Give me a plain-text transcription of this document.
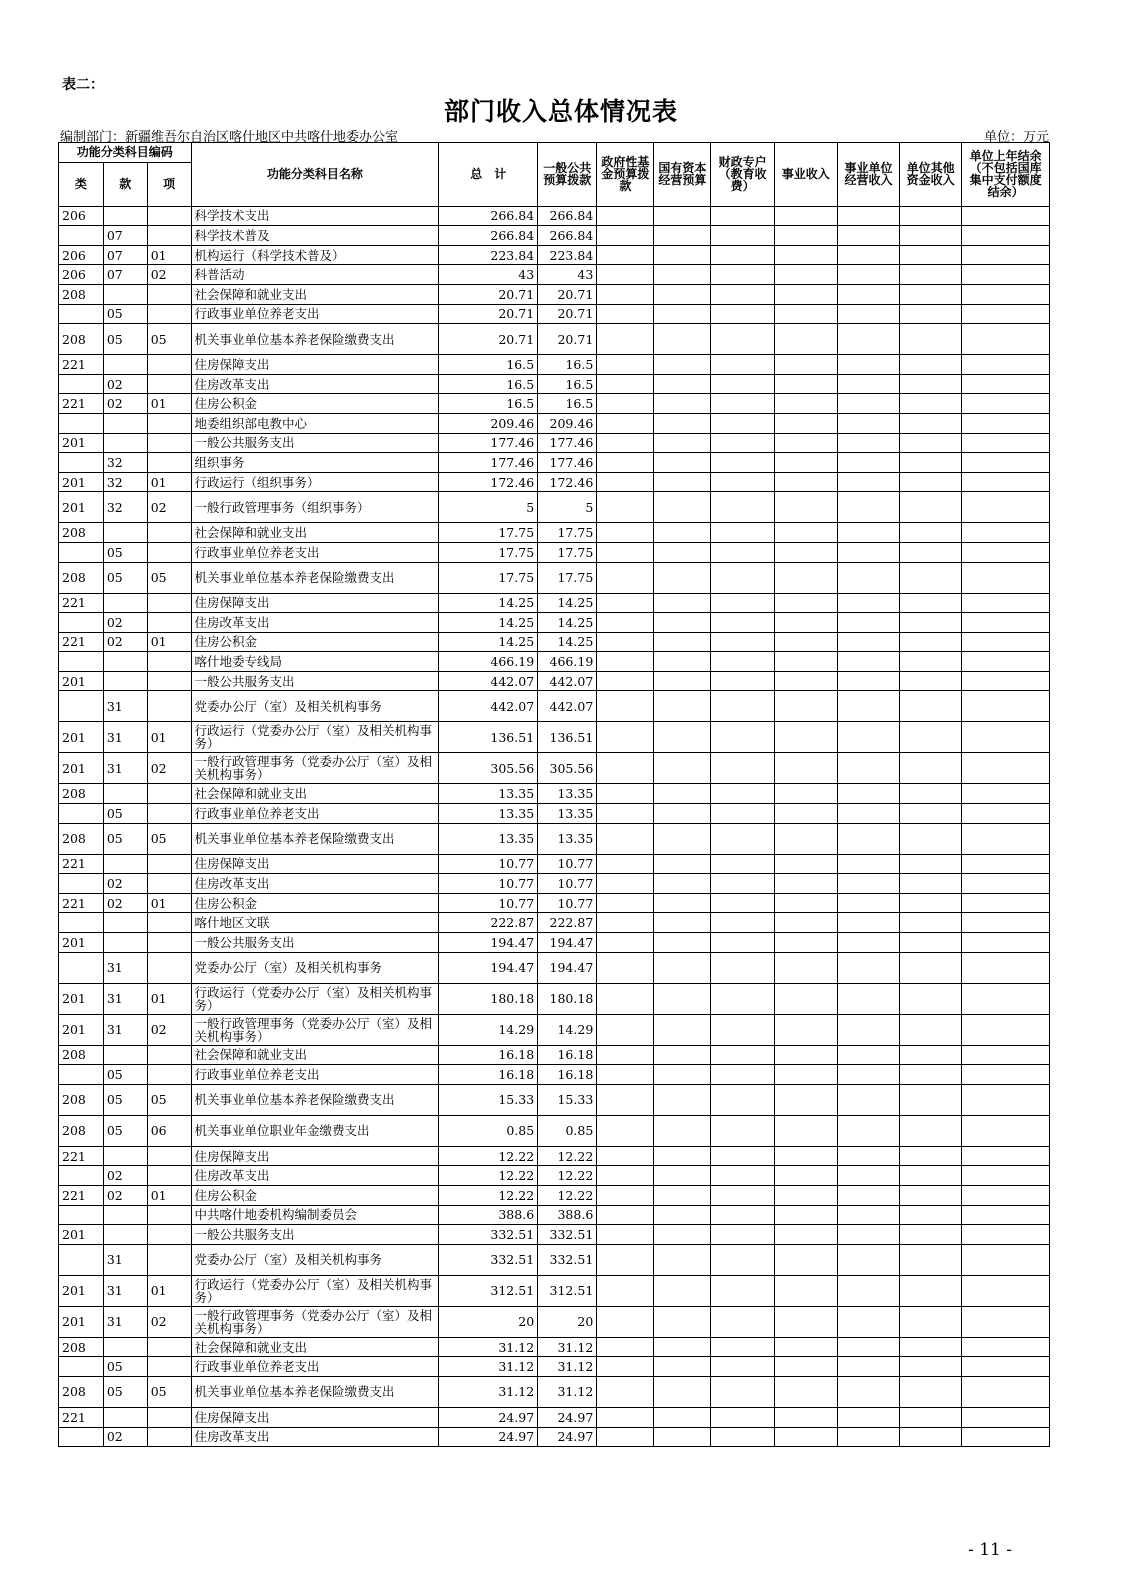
表二：
部门收入总体情况表
编制部门：新疆维吾尔自治区喀什地区中共喀什地委办公室	单位：万元
功能分类科目编码			功能分类科目名称	总　计	一般公共预算拨款	政府性基金预算拨款	国有资本经营预算	财政专户（教育收费）	事业收入	事业单位经营收入	单位其他资金收入	单位上年结余（不包括国库集中支付额度结余）
类	款	项										
206			科学技术支出	266.84	266.84							
	07		科学技术普及	266.84	266.84							
206	07	01	机构运行（科学技术普及）	223.84	223.84							
206	07	02	科普活动	43	43							
208			社会保障和就业支出	20.71	20.71							
	05		行政事业单位养老支出	20.71	20.71							
208	05	05	机关事业单位基本养老保险缴费支出	20.71	20.71							
221			住房保障支出	16.5	16.5							
	02		住房改革支出	16.5	16.5							
221	02	01	住房公积金	16.5	16.5							
			地委组织部电教中心	209.46	209.46							
201			一般公共服务支出	177.46	177.46							
	32		组织事务	177.46	177.46							
201	32	01	行政运行（组织事务）	172.46	172.46							
201	32	02	一般行政管理事务（组织事务）	5	5							
208			社会保障和就业支出	17.75	17.75							
	05		行政事业单位养老支出	17.75	17.75							
208	05	05	机关事业单位基本养老保险缴费支出	17.75	17.75							
221			住房保障支出	14.25	14.25							
	02		住房改革支出	14.25	14.25							
221	02	01	住房公积金	14.25	14.25							
			喀什地委专线局	466.19	466.19							
201			一般公共服务支出	442.07	442.07							
	31		党委办公厅（室）及相关机构事务	442.07	442.07							
201	31	01	行政运行（党委办公厅（室）及相关机构事务）	136.51	136.51							
201	31	02	一般行政管理事务（党委办公厅（室）及相关机构事务）	305.56	305.56							
208			社会保障和就业支出	13.35	13.35							
	05		行政事业单位养老支出	13.35	13.35							
208	05	05	机关事业单位基本养老保险缴费支出	13.35	13.35							
221			住房保障支出	10.77	10.77							
	02		住房改革支出	10.77	10.77							
221	02	01	住房公积金	10.77	10.77							
			喀什地区文联	222.87	222.87							
201			一般公共服务支出	194.47	194.47							
	31		党委办公厅（室）及相关机构事务	194.47	194.47							
201	31	01	行政运行（党委办公厅（室）及相关机构事务）	180.18	180.18							
201	31	02	一般行政管理事务（党委办公厅（室）及相关机构事务）	14.29	14.29							
208			社会保障和就业支出	16.18	16.18							
	05		行政事业单位养老支出	16.18	16.18							
208	05	05	机关事业单位基本养老保险缴费支出	15.33	15.33							
208	05	06	机关事业单位职业年金缴费支出	0.85	0.85							
221			住房保障支出	12.22	12.22							
	02		住房改革支出	12.22	12.22							
221	02	01	住房公积金	12.22	12.22							
			中共喀什地委机构编制委员会	388.6	388.6							
201			一般公共服务支出	332.51	332.51							
	31		党委办公厅（室）及相关机构事务	332.51	332.51							
201	31	01	行政运行（党委办公厅（室）及相关机构事务）	312.51	312.51							
201	31	02	一般行政管理事务（党委办公厅（室）及相关机构事务）	20	20							
208			社会保障和就业支出	31.12	31.12							
	05		行政事业单位养老支出	31.12	31.12							
208	05	05	机关事业单位基本养老保险缴费支出	31.12	31.12							
221			住房保障支出	24.97	24.97							
	02		住房改革支出	24.97	24.97							
- 11 -
